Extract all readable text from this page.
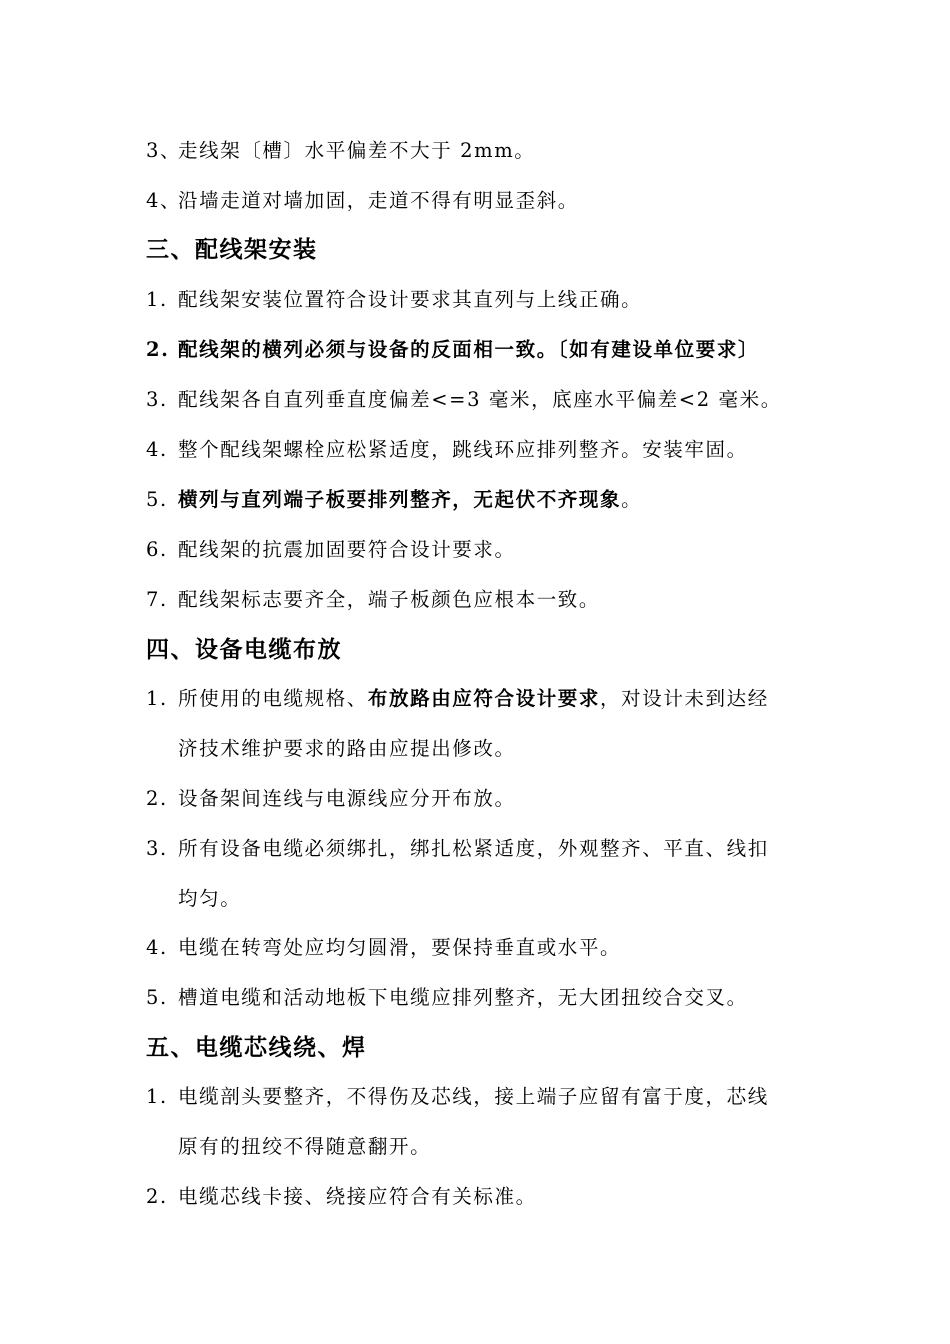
3、走线架〔槽〕水平偏差不大于 2mm。
4、沿墙走道对墙加固，走道不得有明显歪斜。
三、配线架安装
1. 配线架安装位置符合设计要求其直列与上线正确。
2. 配线架的横列必须与设备的反面相一致。〔如有建设单位要求〕
3. 配线架各自直列垂直度偏差<=3 毫米，底座水平偏差<2 毫米。
4. 整个配线架螺栓应松紧适度，跳线环应排列整齐。安装牢固。
5. 横列与直列端子板要排列整齐，无起伏不齐现象。
6. 配线架的抗震加固要符合设计要求。
7. 配线架标志要齐全，端子板颜色应根本一致。
四、设备电缆布放
1. 所使用的电缆规格、布放路由应符合设计要求，对设计未到达经
济技术维护要求的路由应提出修改。
2. 设备架间连线与电源线应分开布放。
3. 所有设备电缆必须绑扎，绑扎松紧适度，外观整齐、平直、线扣
均匀。
4. 电缆在转弯处应均匀圆滑，要保持垂直或水平。
5. 槽道电缆和活动地板下电缆应排列整齐，无大团扭绞合交叉。
五、电缆芯线绕、焊
1. 电缆剖头要整齐，不得伤及芯线，接上端子应留有富于度，芯线
原有的扭绞不得随意翻开。
2. 电缆芯线卡接、绕接应符合有关标准。
